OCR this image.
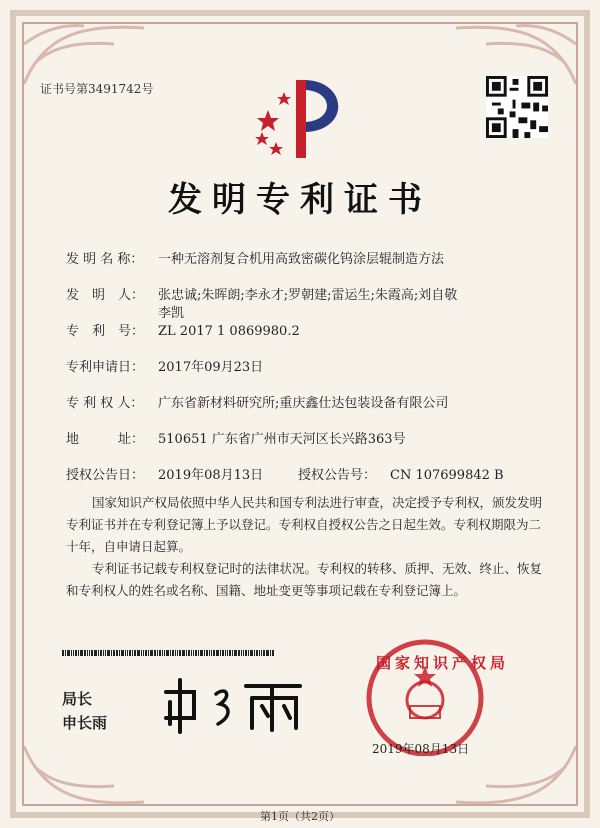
证书号第3491742号
发明专利证书
发 明 名 称： 一种无溶剂复合机用高致密碳化钨涂层辊制造方法
发　明　人： 张忠诚;朱晖朗;李永才;罗朝建;雷运生;朱霞高;刘自敬
李凯
专　利　号： ZL 2017 1 0869980.2
专利申请日： 2017年09月23日
专 利 权 人： 广东省新材料研究所;重庆鑫仕达包装设备有限公司
地　　　址： 510651 广东省广州市天河区长兴路363号
授权公告日： 2019年08月13日	授权公告号： CN 107699842 B
国家知识产权局依照中华人民共和国专利法进行审查，决定授予专利权，颁发发明专利证书并在专利登记簿上予以登记。专利权自授权公告之日起生效。专利权期限为二十年，自申请日起算。
专利证书记载专利权登记时的法律状况。专利权的转移、质押、无效、终止、恢复和专利权人的姓名或名称、国籍、地址变更等事项记载在专利登记簿上。
局长
申长雨
国家知识产权局
2019年08月13日
第1页（共2页）
